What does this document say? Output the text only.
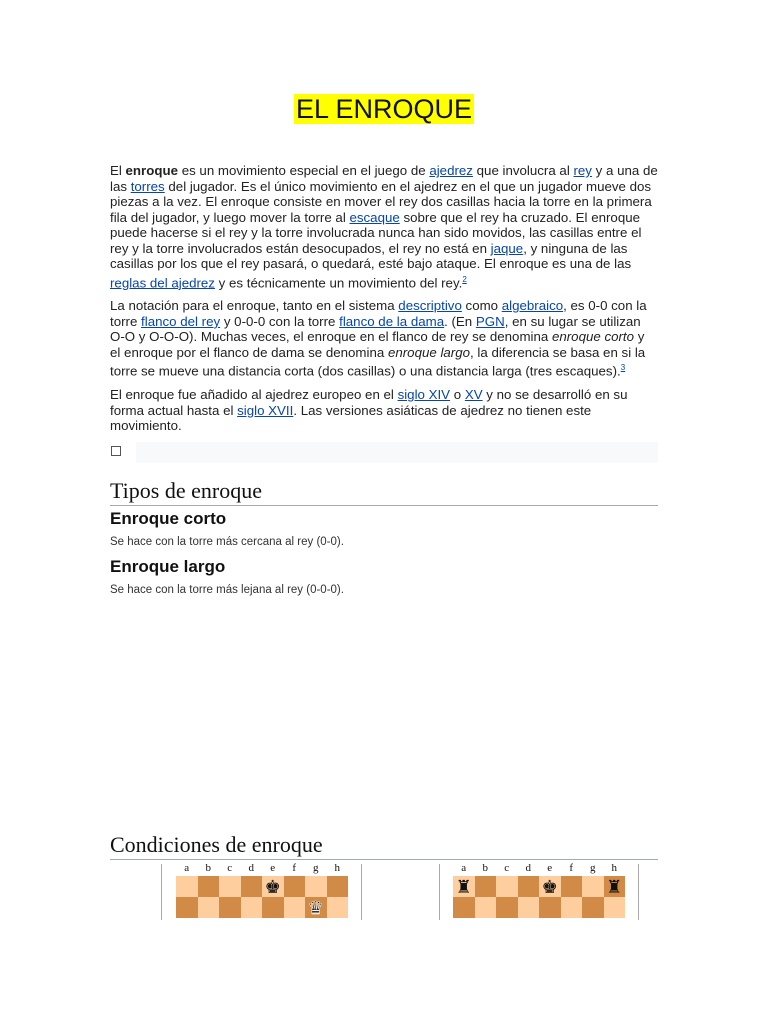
EL ENROQUE

El enroque es un movimiento especial en el juego de ajedrez que involucra al rey y a una de las torres del jugador. Es el único movimiento en el ajedrez en el que un jugador mueve dos piezas a la vez. El enroque consiste en mover el rey dos casillas hacia la torre en la primera fila del jugador, y luego mover la torre al escaque sobre que el rey ha cruzado. El enroque puede hacerse si el rey y la torre involucrada nunca han sido movidos, las casillas entre el rey y la torre involucrados están desocupados, el rey no está en jaque, y ninguna de las casillas por los que el rey pasará, o quedará, esté bajo ataque. El enroque es una de las reglas del ajedrez y es técnicamente un movimiento del rey.$^2$

La notación para el enroque, tanto en el sistema descriptivo como algebraico, es 0-0 con la torre flanco del rey y 0-0-0 con la torre flanco de la dama. (En PGN, en su lugar se utilizan O-O y O-O-O). Muchas veces, el enroque en el flanco de rey se denomina enroque corto y el enroque por el flanco de dama se denomina enroque largo, la diferencia se basa en si la torre se mueve una distancia corta (dos casillas) o una distancia larga (tres escaques).$^3$

El enroque fue añadido al ajedrez europeo en el siglo XIV o XV y no se desarrolló en su forma actual hasta el siglo XVII. Las versiones asiáticas de ajedrez no tienen este movimiento.

Tipos de enroque
Enroque corto

Se hace con la torre más cercana al rey (0-0).

Enroque largo

Se hace con la torre más lejana al rey (0-0-0).

Condiciones de enroque
a	b	c	d	e	f	g	h
♚
♛
a	b	c	d	e	f	g	h
♜	♚	♜
